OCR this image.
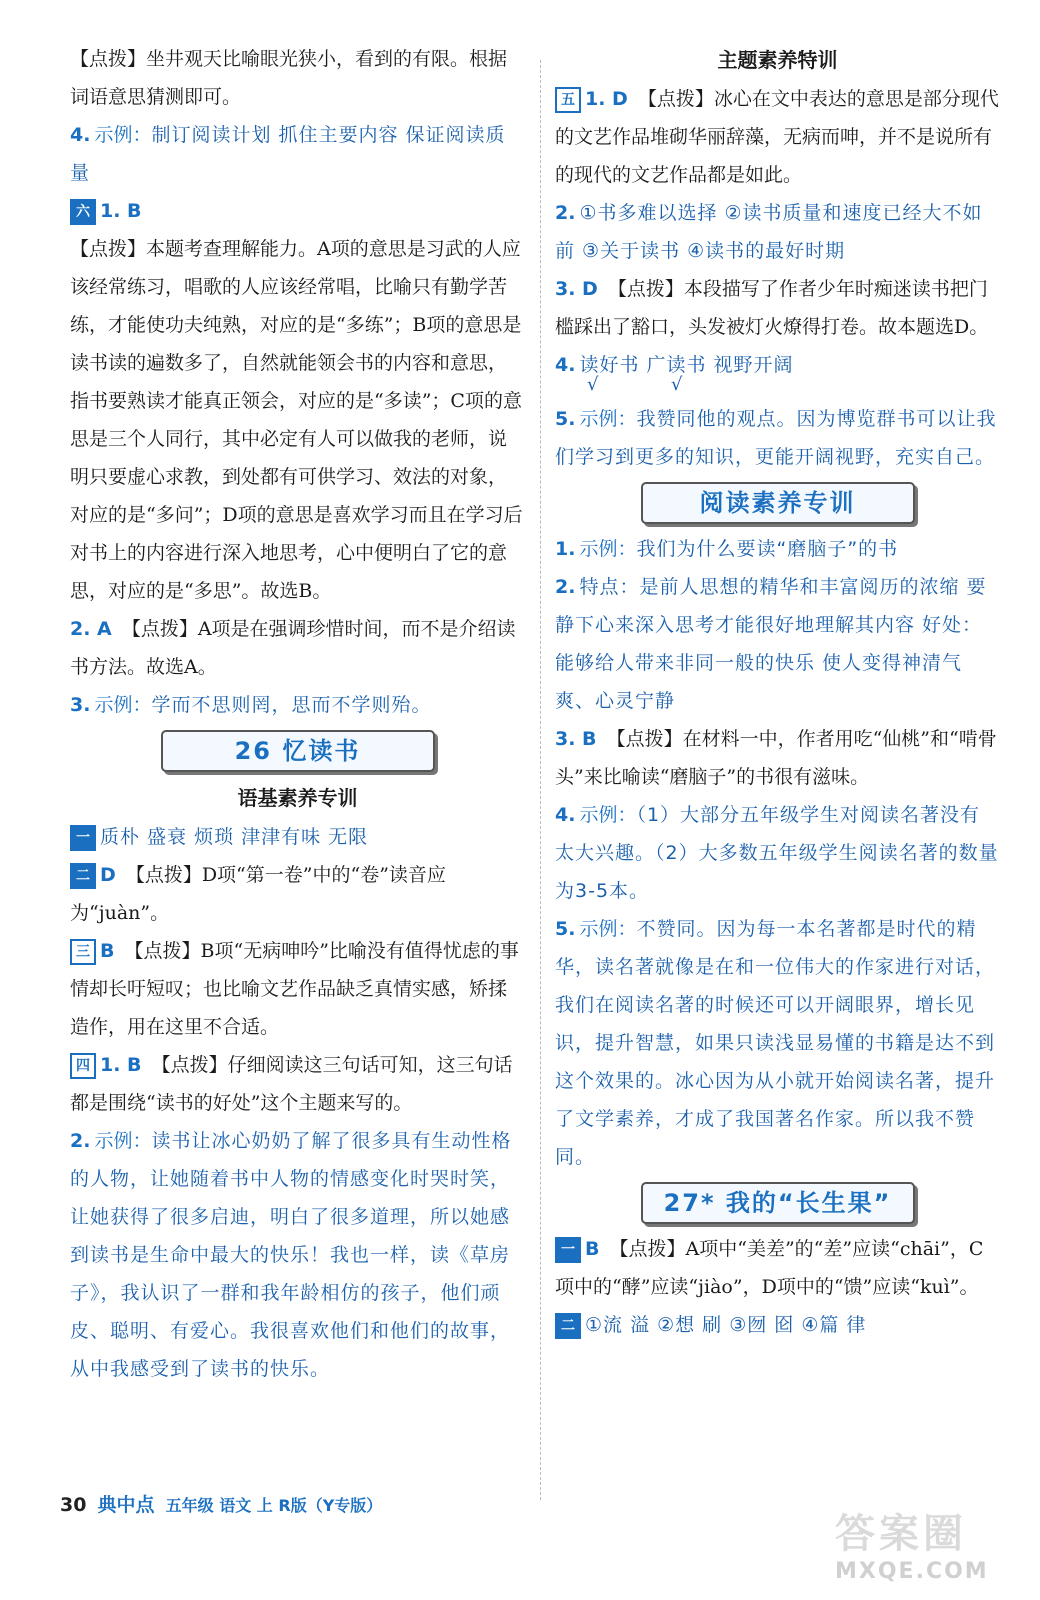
【点拨】坐井观天比喻眼光狭小，看到的有限。根据词语意思猜测即可。

4. 示例：制订阅读计划 抓住主要内容 保证阅读质量

六 1. B

【点拨】本题考查理解能力。A项的意思是习武的人应该经常练习，唱歌的人应该经常唱，比喻只有勤学苦练，才能使功夫纯熟，对应的是“多练”；B项的意思是读书读的遍数多了，自然就能领会书的内容和意思，指书要熟读才能真正领会，对应的是“多读”；C项的意思是三个人同行，其中必定有人可以做我的老师，说明只要虚心求教，到处都有可供学习、效法的对象，对应的是“多问”；D项的意思是喜欢学习而且在学习后对书上的内容进行深入地思考，心中便明白了它的意思，对应的是“多思”。故选B。

2. A 【点拨】A项是在强调珍惜时间，而不是介绍读书方法。故选A。

3. 示例：学而不思则罔，思而不学则殆。

26 忆读书

语基素养专训

一 质朴 盛衰 烦琐 津津有味 无限

二 D 【点拨】D项“第一卷”中的“卷”读音应为“juàn”。

三 B 【点拨】B项“无病呻吟”比喻没有值得忧虑的事情却长吁短叹；也比喻文艺作品缺乏真情实感，矫揉造作，用在这里不合适。

四 1. B 【点拨】仔细阅读这三句话可知，这三句话都是围绕“读书的好处”这个主题来写的。

2. 示例：读书让冰心奶奶了解了很多具有生动性格的人物，让她随着书中人物的情感变化时哭时笑，让她获得了很多启迪，明白了很多道理，所以她感到读书是生命中最大的快乐！我也一样，读《草房子》，我认识了一群和我年龄相仿的孩子，他们顽皮、聪明、有爱心。我很喜欢他们和他们的故事，从中我感受到了读书的快乐。

主题素养特训

五 1. D 【点拨】冰心在文中表达的意思是部分现代的文艺作品堆砌华丽辞藻，无病而呻，并不是说所有的现代的文艺作品都是如此。

2. ①书多难以选择 ②读书质量和速度已经大不如前 ③关于读书 ④读书的最好时期

3. D 【点拨】本段描写了作者少年时痴迷读书把门槛踩出了豁口，头发被灯火燎得打卷。故本题选D。

4. 读好书 广读书 视野开阔

√	√

5. 示例：我赞同他的观点。因为博览群书可以让我们学习到更多的知识，更能开阔视野，充实自己。

阅读素养专训

1. 示例：我们为什么要读“磨脑子”的书

2. 特点：是前人思想的精华和丰富阅历的浓缩 要静下心来深入思考才能很好地理解其内容 好处：能够给人带来非同一般的快乐 使人变得神清气爽、心灵宁静

3. B 【点拨】在材料一中，作者用吃“仙桃”和“啃骨头”来比喻读“磨脑子”的书很有滋味。

4. 示例：（1）大部分五年级学生对阅读名著没有太大兴趣。（2）大多数五年级学生阅读名著的数量为3-5本。

5. 示例：不赞同。因为每一本名著都是时代的精华，读名著就像是在和一位伟大的作家进行对话，我们在阅读名著的时候还可以开阔眼界，增长见识，提升智慧，如果只读浅显易懂的书籍是达不到这个效果的。冰心因为从小就开始阅读名著，提升了文学素养，才成了我国著名作家。所以我不赞同。

27* 我的“长生果”

一 B 【点拨】A项中“美差”的“差”应读“chāi”，C项中的“酵”应读“jiào”，D项中的“馈”应读“kuì”。

二 ①流 溢 ②想 刷 ③囫 囵 ④篇 律

30 典中点 五年级 语文 上 R版（Y专版）
答案圈
MXQE.COM
